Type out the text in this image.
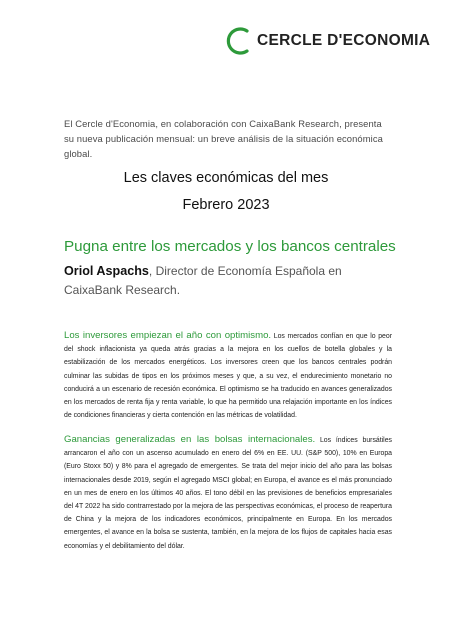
CERCLE D'ECONOMIA
El Cercle d'Economia, en colaboración con CaixaBank Research, presenta su nueva publicación mensual: un breve análisis de la situación económica global.
Les claves económicas del mes
Febrero 2023
Pugna entre los mercados y los bancos centrales
Oriol Aspachs, Director de Economía Española en CaixaBank Research.
Los inversores empiezan el año con optimismo. Los mercados confían en que lo peor del shock inflacionista ya queda atrás gracias a la mejora en los cuellos de botella globales y la estabilización de los mercados energéticos. Los inversores creen que los bancos centrales podrán culminar las subidas de tipos en los próximos meses y que, a su vez, el endurecimiento monetario no conducirá a un escenario de recesión económica. El optimismo se ha traducido en avances generalizados en los mercados de renta fija y renta variable, lo que ha permitido una relajación importante en los índices de condiciones financieras y cierta contención en las métricas de volatilidad.
Ganancias generalizadas en las bolsas internacionales. Los índices bursátiles arrancaron el año con un ascenso acumulado en enero del 6% en EE. UU. (S&P 500), 10% en Europa (Euro Stoxx 50) y 8% para el agregado de emergentes. Se trata del mejor inicio del año para las bolsas internacionales desde 2019, según el agregado MSCI global; en Europa, el avance es el más pronunciado en un mes de enero en los últimos 40 años. El tono débil en las previsiones de beneficios empresariales del 4T 2022 ha sido contrarrestado por la mejora de las perspectivas económicas, el proceso de reapertura de China y la mejora de los indicadores económicos, principalmente en Europa. En los mercados emergentes, el avance en la bolsa se sustenta, también, en la mejora de los flujos de capitales hacia esas economías y el debilitamiento del dólar.
